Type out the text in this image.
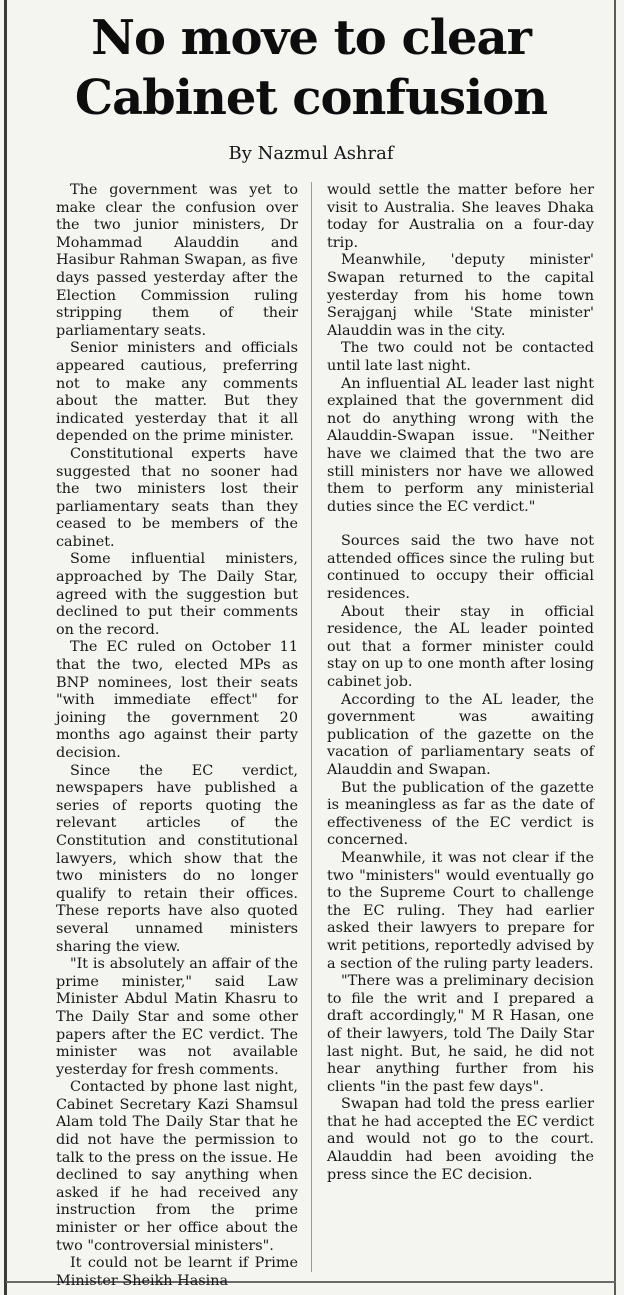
No move to clear
Cabinet confusion
By Nazmul Ashraf

The government was yet to make clear the confusion over the two junior ministers, Dr Mohammad Alauddin and Hasibur Rahman Swapan, as five days passed yesterday after the Election Commission ruling stripping them of their parliamentary seats.

Senior ministers and officials appeared cautious, preferring not to make any comments about the matter. But they indicated yesterday that it all depended on the prime minister.

Constitutional experts have suggested that no sooner had the two ministers lost their parliamentary seats than they ceased to be members of the cabinet.

Some influential ministers, approached by The Daily Star, agreed with the suggestion but declined to put their comments on the record.

The EC ruled on October 11 that the two, elected MPs as BNP nominees, lost their seats "with immediate effect" for joining the government 20 months ago against their party decision.

Since the EC verdict, newspapers have published a series of reports quoting the relevant articles of the Constitution and constitutional lawyers, which show that the two ministers do no longer qualify to retain their offices. These reports have also quoted several unnamed ministers sharing the view.

"It is absolutely an affair of the prime minister," said Law Minister Abdul Matin Khasru to The Daily Star and some other papers after the EC verdict. The minister was not available yesterday for fresh comments.

Contacted by phone last night, Cabinet Secretary Kazi Shamsul Alam told The Daily Star that he did not have the permission to talk to the press on the issue. He declined to say anything when asked if he had received any instruction from the prime minister or her office about the two "controversial ministers".

It could not be learnt if Prime Minister Sheikh Hasina

would settle the matter before her visit to Australia. She leaves Dhaka today for Australia on a four-day trip.

Meanwhile, 'deputy minister' Swapan returned to the capital yesterday from his home town Serajganj while 'State minister' Alauddin was in the city.

The two could not be contacted until late last night.

An influential AL leader last night explained that the government did not do anything wrong with the Alauddin-Swapan issue. "Neither have we claimed that the two are still ministers nor have we allowed them to perform any ministerial duties since the EC verdict."

Sources said the two have not attended offices since the ruling but continued to occupy their official residences.

About their stay in official residence, the AL leader pointed out that a former minister could stay on up to one month after losing cabinet job.

According to the AL leader, the government was awaiting publication of the gazette on the vacation of parliamentary seats of Alauddin and Swapan.

But the publication of the gazette is meaningless as far as the date of effectiveness of the EC verdict is concerned.

Meanwhile, it was not clear if the two "ministers" would eventually go to the Supreme Court to challenge the EC ruling. They had earlier asked their lawyers to prepare for writ petitions, reportedly advised by a section of the ruling party leaders.

"There was a preliminary decision to file the writ and I prepared a draft accordingly," M R Hasan, one of their lawyers, told The Daily Star last night. But, he said, he did not hear anything further from his clients "in the past few days".

Swapan had told the press earlier that he had accepted the EC verdict and would not go to the court. Alauddin had been avoiding the press since the EC decision.
